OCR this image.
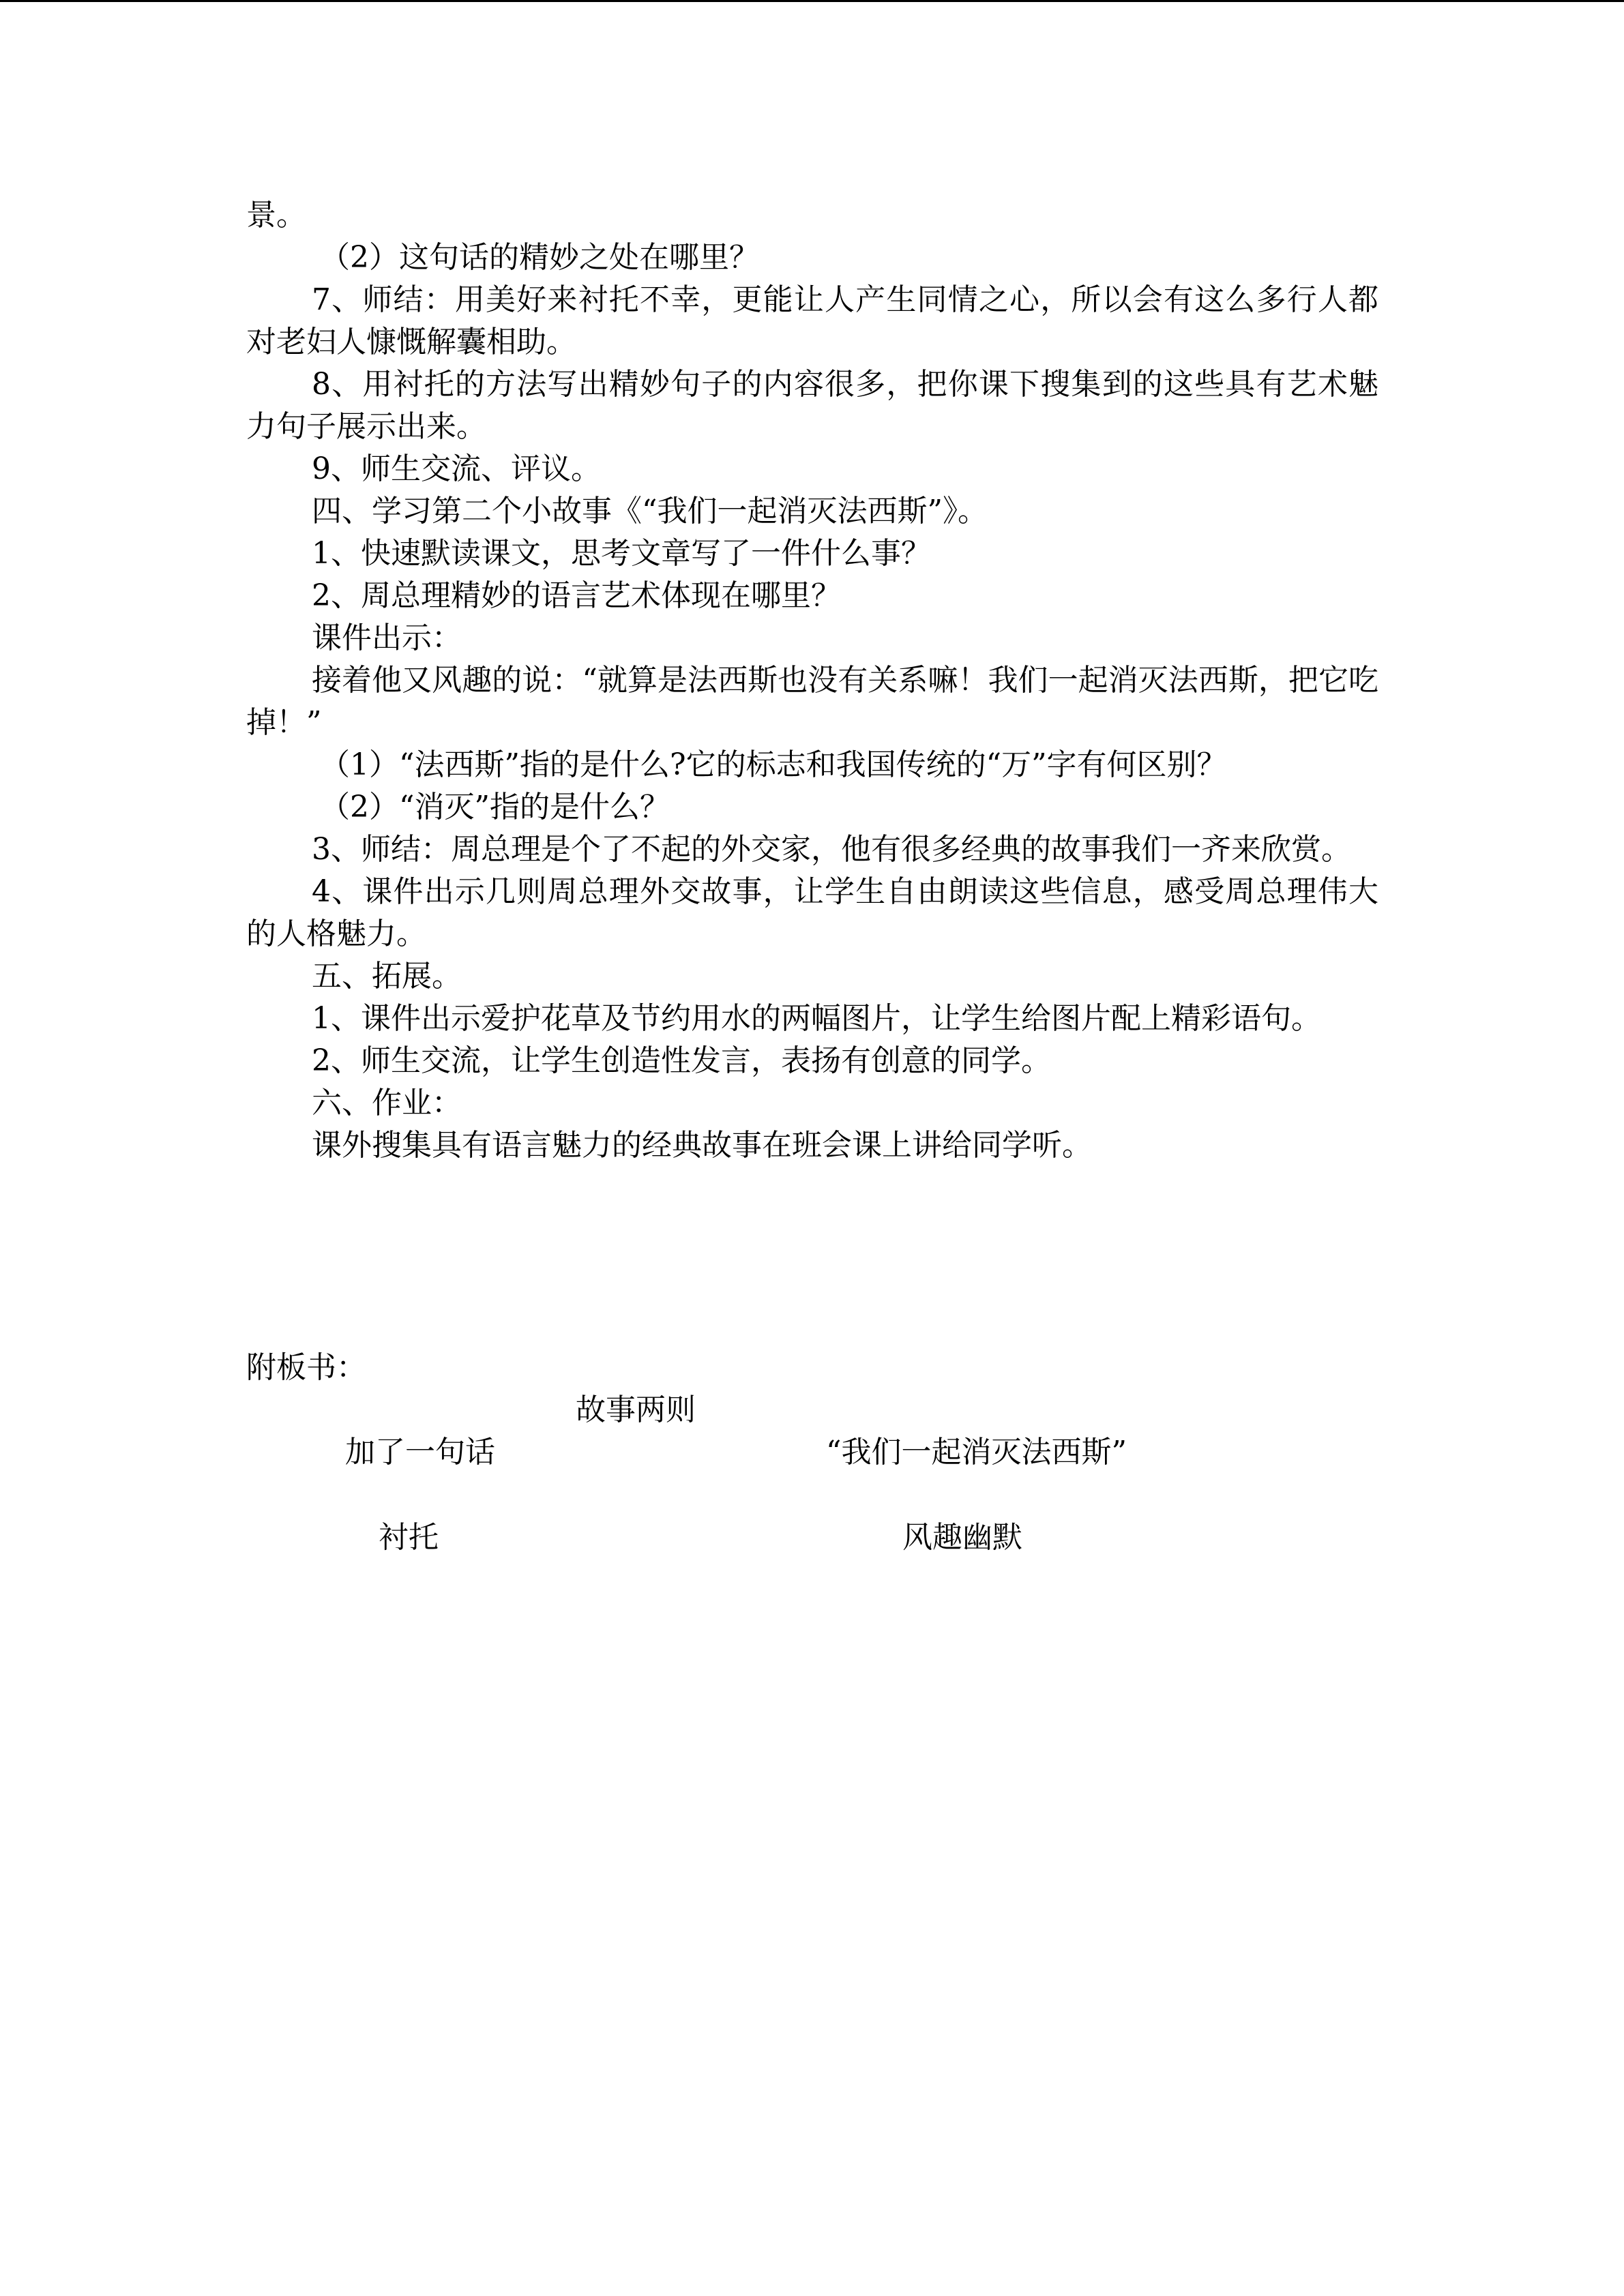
景。

（2）这句话的精妙之处在哪里？

7、师结：用美好来衬托不幸，更能让人产生同情之心，所以会有这么多行人都对老妇人慷慨解囊相助。

8、用衬托的方法写出精妙句子的内容很多，把你课下搜集到的这些具有艺术魅力句子展示出来。

9、师生交流、评议。

四、学习第二个小故事《“我们一起消灭法西斯”》。

1、快速默读课文，思考文章写了一件什么事？

2、周总理精妙的语言艺术体现在哪里？

课件出示：

接着他又风趣的说：“就算是法西斯也没有关系嘛！我们一起消灭法西斯，把它吃掉！”

（1）“法西斯”指的是什么?它的标志和我国传统的“万”字有何区别？

（2）“消灭”指的是什么？

3、师结：周总理是个了不起的外交家，他有很多经典的故事我们一齐来欣赏。

4、课件出示几则周总理外交故事，让学生自由朗读这些信息，感受周总理伟大的人格魅力。

五、拓展。

1、课件出示爱护花草及节约用水的两幅图片，让学生给图片配上精彩语句。

2、师生交流，让学生创造性发言，表扬有创意的同学。

六、作业：

课外搜集具有语言魅力的经典故事在班会课上讲给同学听。

附板书：

故事两则

加了一句话	“我们一起消灭法西斯”

衬托	风趣幽默
